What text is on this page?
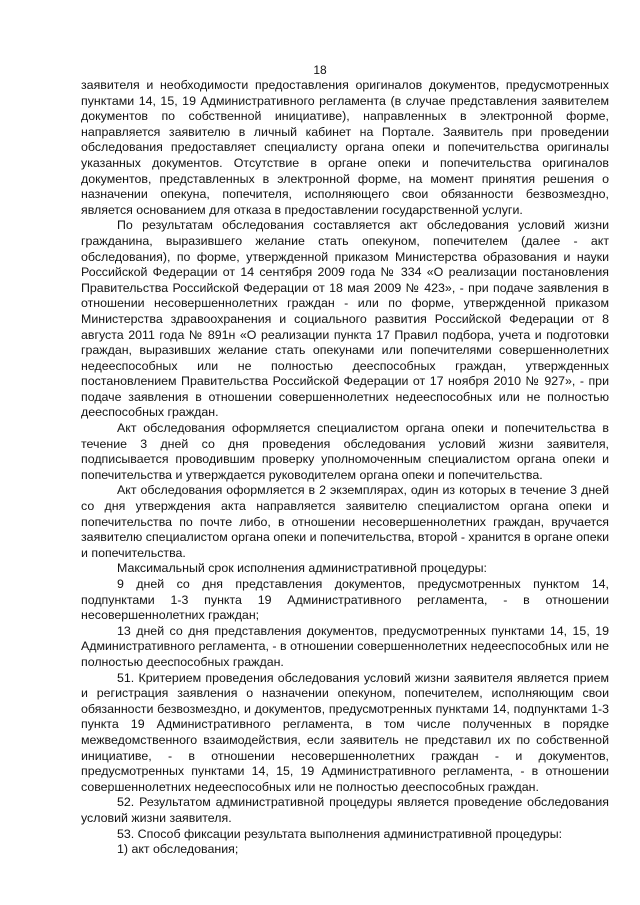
18

заявителя и необходимости предоставления оригиналов документов, предусмотренных пунктами 14, 15, 19 Административного регламента (в случае представления заявителем документов по собственной инициативе), направленных в электронной форме, направляется заявителю в личный кабинет на Портале. Заявитель при проведении обследования предоставляет специалисту органа опеки и попечительства оригиналы указанных документов. Отсутствие в органе опеки и попечительства оригиналов документов, представленных в электронной форме, на момент принятия решения о назначении опекуна, попечителя, исполняющего свои обязанности безвозмездно, является основанием для отказа в предоставлении государственной услуги.

По результатам обследования составляется акт обследования условий жизни гражданина, выразившего желание стать опекуном, попечителем (далее - акт обследования), по форме, утвержденной приказом Министерства образования и науки Российской Федерации от 14 сентября 2009 года № 334 «О реализации постановления Правительства Российской Федерации от 18 мая 2009 № 423», - при подаче заявления в отношении несовершеннолетних граждан - или по форме, утвержденной приказом Министерства здравоохранения и социального развития Российской Федерации от 8 августа 2011 года № 891н «О реализации пункта 17 Правил подбора, учета и подготовки граждан, выразивших желание стать опекунами или попечителями совершеннолетних недееспособных или не полностью дееспособных граждан, утвержденных постановлением Правительства Российской Федерации от 17 ноября 2010 № 927», - при подаче заявления в отношении совершеннолетних недееспособных или не полностью дееспособных граждан.

Акт обследования оформляется специалистом органа опеки и попечительства в течение 3 дней со дня проведения обследования условий жизни заявителя, подписывается проводившим проверку уполномоченным специалистом органа опеки и попечительства и утверждается руководителем органа опеки и попечительства.

Акт обследования оформляется в 2 экземплярах, один из которых в течение 3 дней со дня утверждения акта направляется заявителю специалистом органа опеки и попечительства по почте либо, в отношении несовершеннолетних граждан, вручается заявителю специалистом органа опеки и попечительства, второй - хранится в органе опеки и попечительства.

Максимальный срок исполнения административной процедуры:

9 дней со дня представления документов, предусмотренных пунктом 14, подпунктами 1-3 пункта 19 Административного регламента, - в отношении несовершеннолетних граждан;

13 дней со дня представления документов, предусмотренных пунктами 14, 15, 19 Административного регламента, - в отношении совершеннолетних недееспособных или не полностью дееспособных граждан.

51. Критерием проведения обследования условий жизни заявителя является прием и регистрация заявления о назначении опекуном, попечителем, исполняющим свои обязанности безвозмездно, и документов, предусмотренных пунктами 14, подпунктами 1-3 пункта 19 Административного регламента, в том числе полученных в порядке межведомственного взаимодействия, если заявитель не представил их по собственной инициативе, - в отношении несовершеннолетних граждан - и документов, предусмотренных пунктами 14, 15, 19 Административного регламента, - в отношении совершеннолетних недееспособных или не полностью дееспособных граждан.

52. Результатом административной процедуры является проведение обследования условий жизни заявителя.

53. Способ фиксации результата выполнения административной процедуры:

1) акт обследования;
